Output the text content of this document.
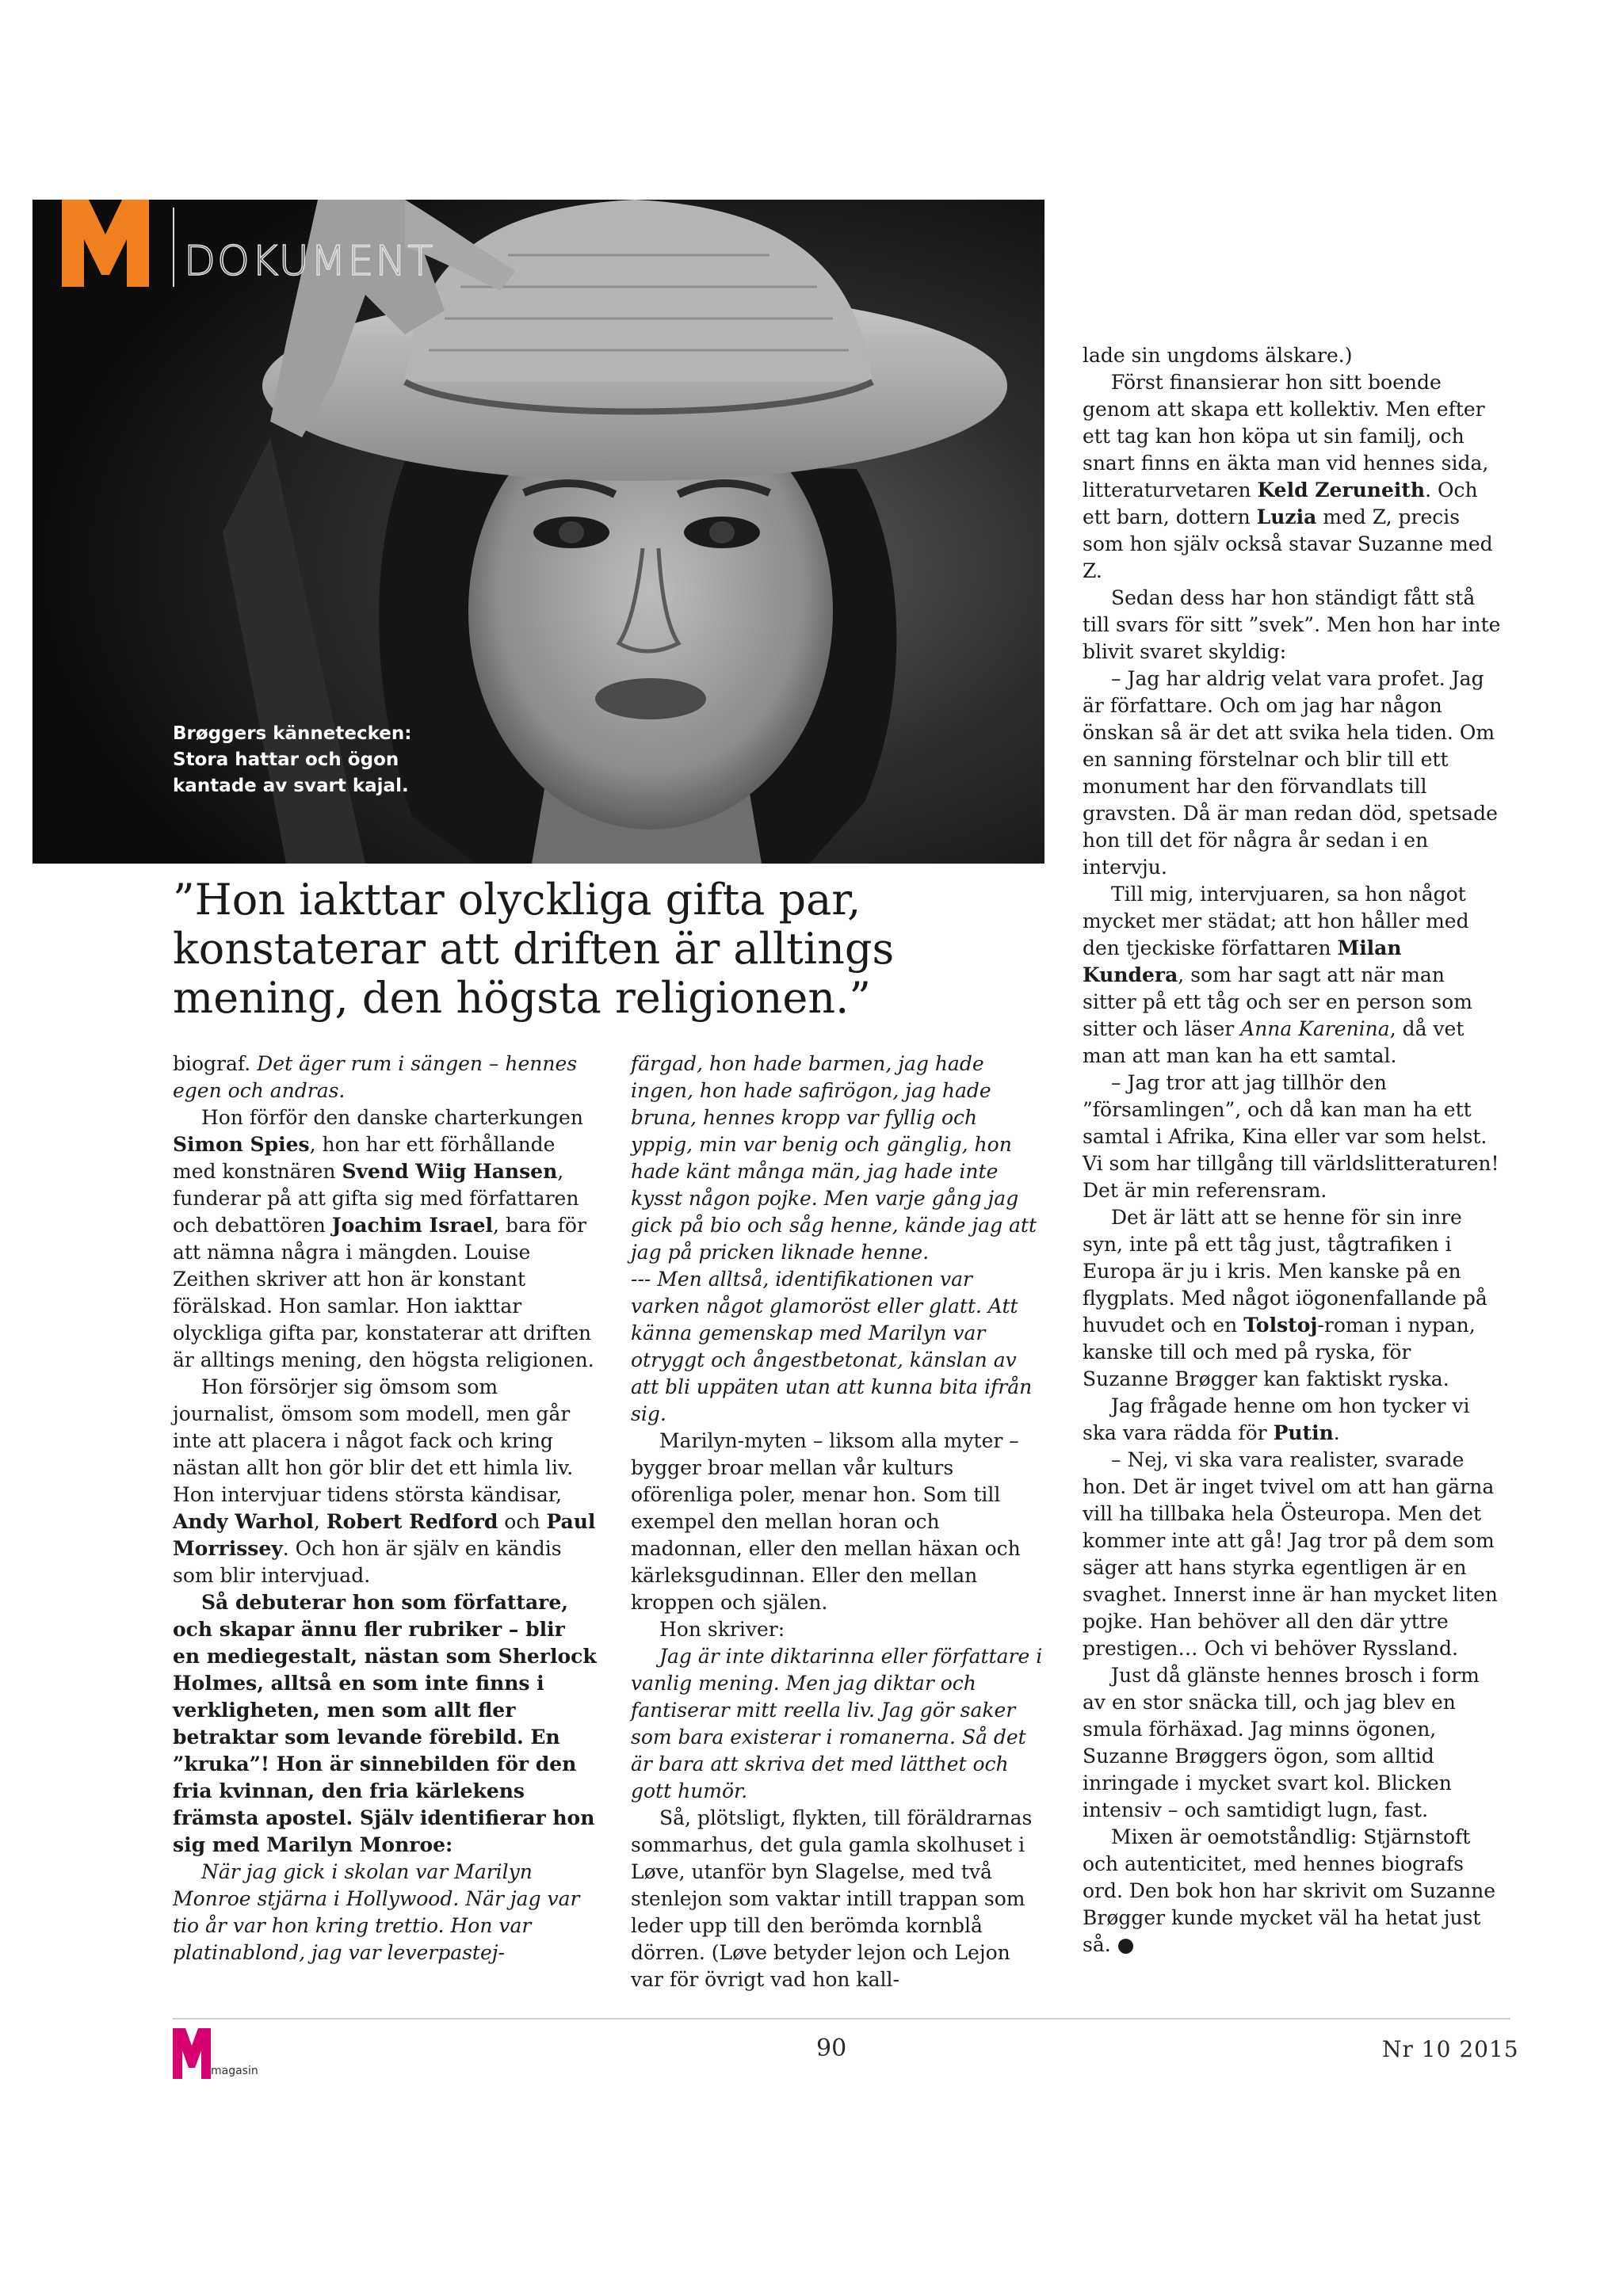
DOKUMENT
Brøggers kännetecken: Stora hattar och ögon kantade av svart kajal.
”Hon iakttar olyckliga gifta par, konstaterar att driften är alltings mening, den högsta religionen.”

biograf. Det äger rum i sängen – hennes egen och andras.

Hon förför den danske charterkungen Simon Spies, hon har ett förhållande med konstnären Svend Wiig Hansen, funderar på att gifta sig med författaren och debattören Joachim Israel, bara för att nämna några i mängden. Louise Zeithen skriver att hon är konstant förälskad. Hon samlar. Hon iakttar olyckliga gifta par, konstaterar att driften är alltings mening, den högsta religionen.

Hon försörjer sig ömsom som journalist, ömsom som modell, men går inte att placera i något fack och kring nästan allt hon gör blir det ett himla liv. Hon intervjuar tidens största kändisar, Andy Warhol, Robert Redford och Paul Morrissey. Och hon är själv en kändis som blir intervjuad.

Så debuterar hon som författare, och skapar ännu fler rubriker – blir en mediegestalt, nästan som Sherlock Holmes, alltså en som inte finns i verkligheten, men som allt fler betraktar som levande förebild. En ”kruka”! Hon är sinnebilden för den fria kvinnan, den fria kärlekens främsta apostel. Själv identifierar hon sig med Marilyn Monroe:

När jag gick i skolan var Marilyn Monroe stjärna i Hollywood. När jag var tio år var hon kring trettio. Hon var platinablond, jag var leverpastej-

färgad, hon hade barmen, jag hade ingen, hon hade safirögon, jag hade bruna, hennes kropp var fyllig och yppig, min var benig och gänglig, hon hade känt många män, jag hade inte kysst någon pojke. Men varje gång jag gick på bio och såg henne, kände jag att jag på pricken liknade henne.

--- Men alltså, identifikationen var varken något glamoröst eller glatt. Att känna gemenskap med Marilyn var otryggt och ångestbetonat, känslan av att bli uppäten utan att kunna bita ifrån sig.

Marilyn-myten – liksom alla myter – bygger broar mellan vår kulturs oförenliga poler, menar hon. Som till exempel den mellan horan och madonnan, eller den mellan häxan och kärleksgudinnan. Eller den mellan kroppen och själen.

Hon skriver:

Jag är inte diktarinna eller författare i vanlig mening. Men jag diktar och fantiserar mitt reella liv. Jag gör saker som bara existerar i romanerna. Så det är bara att skriva det med lätthet och gott humör.

Så, plötsligt, flykten, till föräldrarnas sommarhus, det gula gamla skolhuset i Løve, utanför byn Slagelse, med två stenlejon som vaktar intill trappan som leder upp till den berömda kornblå dörren. (Løve betyder lejon och Lejon var för övrigt vad hon kall-

lade sin ungdoms älskare.)

Först finansierar hon sitt boende genom att skapa ett kollektiv. Men efter ett tag kan hon köpa ut sin familj, och snart finns en äkta man vid hennes sida, litteraturvetaren Keld Zeruneith. Och ett barn, dottern Luzia med Z, precis som hon själv också stavar Suzanne med Z.

Sedan dess har hon ständigt fått stå till svars för sitt ”svek”. Men hon har inte blivit svaret skyldig:

– Jag har aldrig velat vara profet. Jag är författare. Och om jag har någon önskan så är det att svika hela tiden. Om en sanning förstelnar och blir till ett monument har den förvandlats till gravsten. Då är man redan död, spetsade hon till det för några år sedan i en intervju.

Till mig, intervjuaren, sa hon något mycket mer städat; att hon håller med den tjeckiske författaren Milan Kundera, som har sagt att när man sitter på ett tåg och ser en person som sitter och läser Anna Karenina, då vet man att man kan ha ett samtal.

– Jag tror att jag tillhör den ”församlingen”, och då kan man ha ett samtal i Afrika, Kina eller var som helst. Vi som har tillgång till världslitteraturen! Det är min referensram.

Det är lätt att se henne för sin inre syn, inte på ett tåg just, tågtrafiken i Europa är ju i kris. Men kanske på en flygplats. Med något iögonenfallande på huvudet och en Tolstoj-roman i nypan, kanske till och med på ryska, för Suzanne Brøgger kan faktiskt ryska.

Jag frågade henne om hon tycker vi ska vara rädda för Putin.

– Nej, vi ska vara realister, svarade hon. Det är inget tvivel om att han gärna vill ha tillbaka hela Östeuropa. Men det kommer inte att gå! Jag tror på dem som säger att hans styrka egentligen är en svaghet. Innerst inne är han mycket liten pojke. Han behöver all den där yttre prestigen… Och vi behöver Ryssland.

Just då glänste hennes brosch i form av en stor snäcka till, och jag blev en smula förhäxad. Jag minns ögonen, Suzanne Brøggers ögon, som alltid inringade i mycket svart kol. Blicken intensiv – och samtidigt lugn, fast.

Mixen är oemotståndlig: Stjärnstoft och autenticitet, med hennes biografs ord. Den bok hon har skrivit om Suzanne Brøgger kunde mycket väl ha hetat just så. ●

magasin
90	Nr 10 2015
